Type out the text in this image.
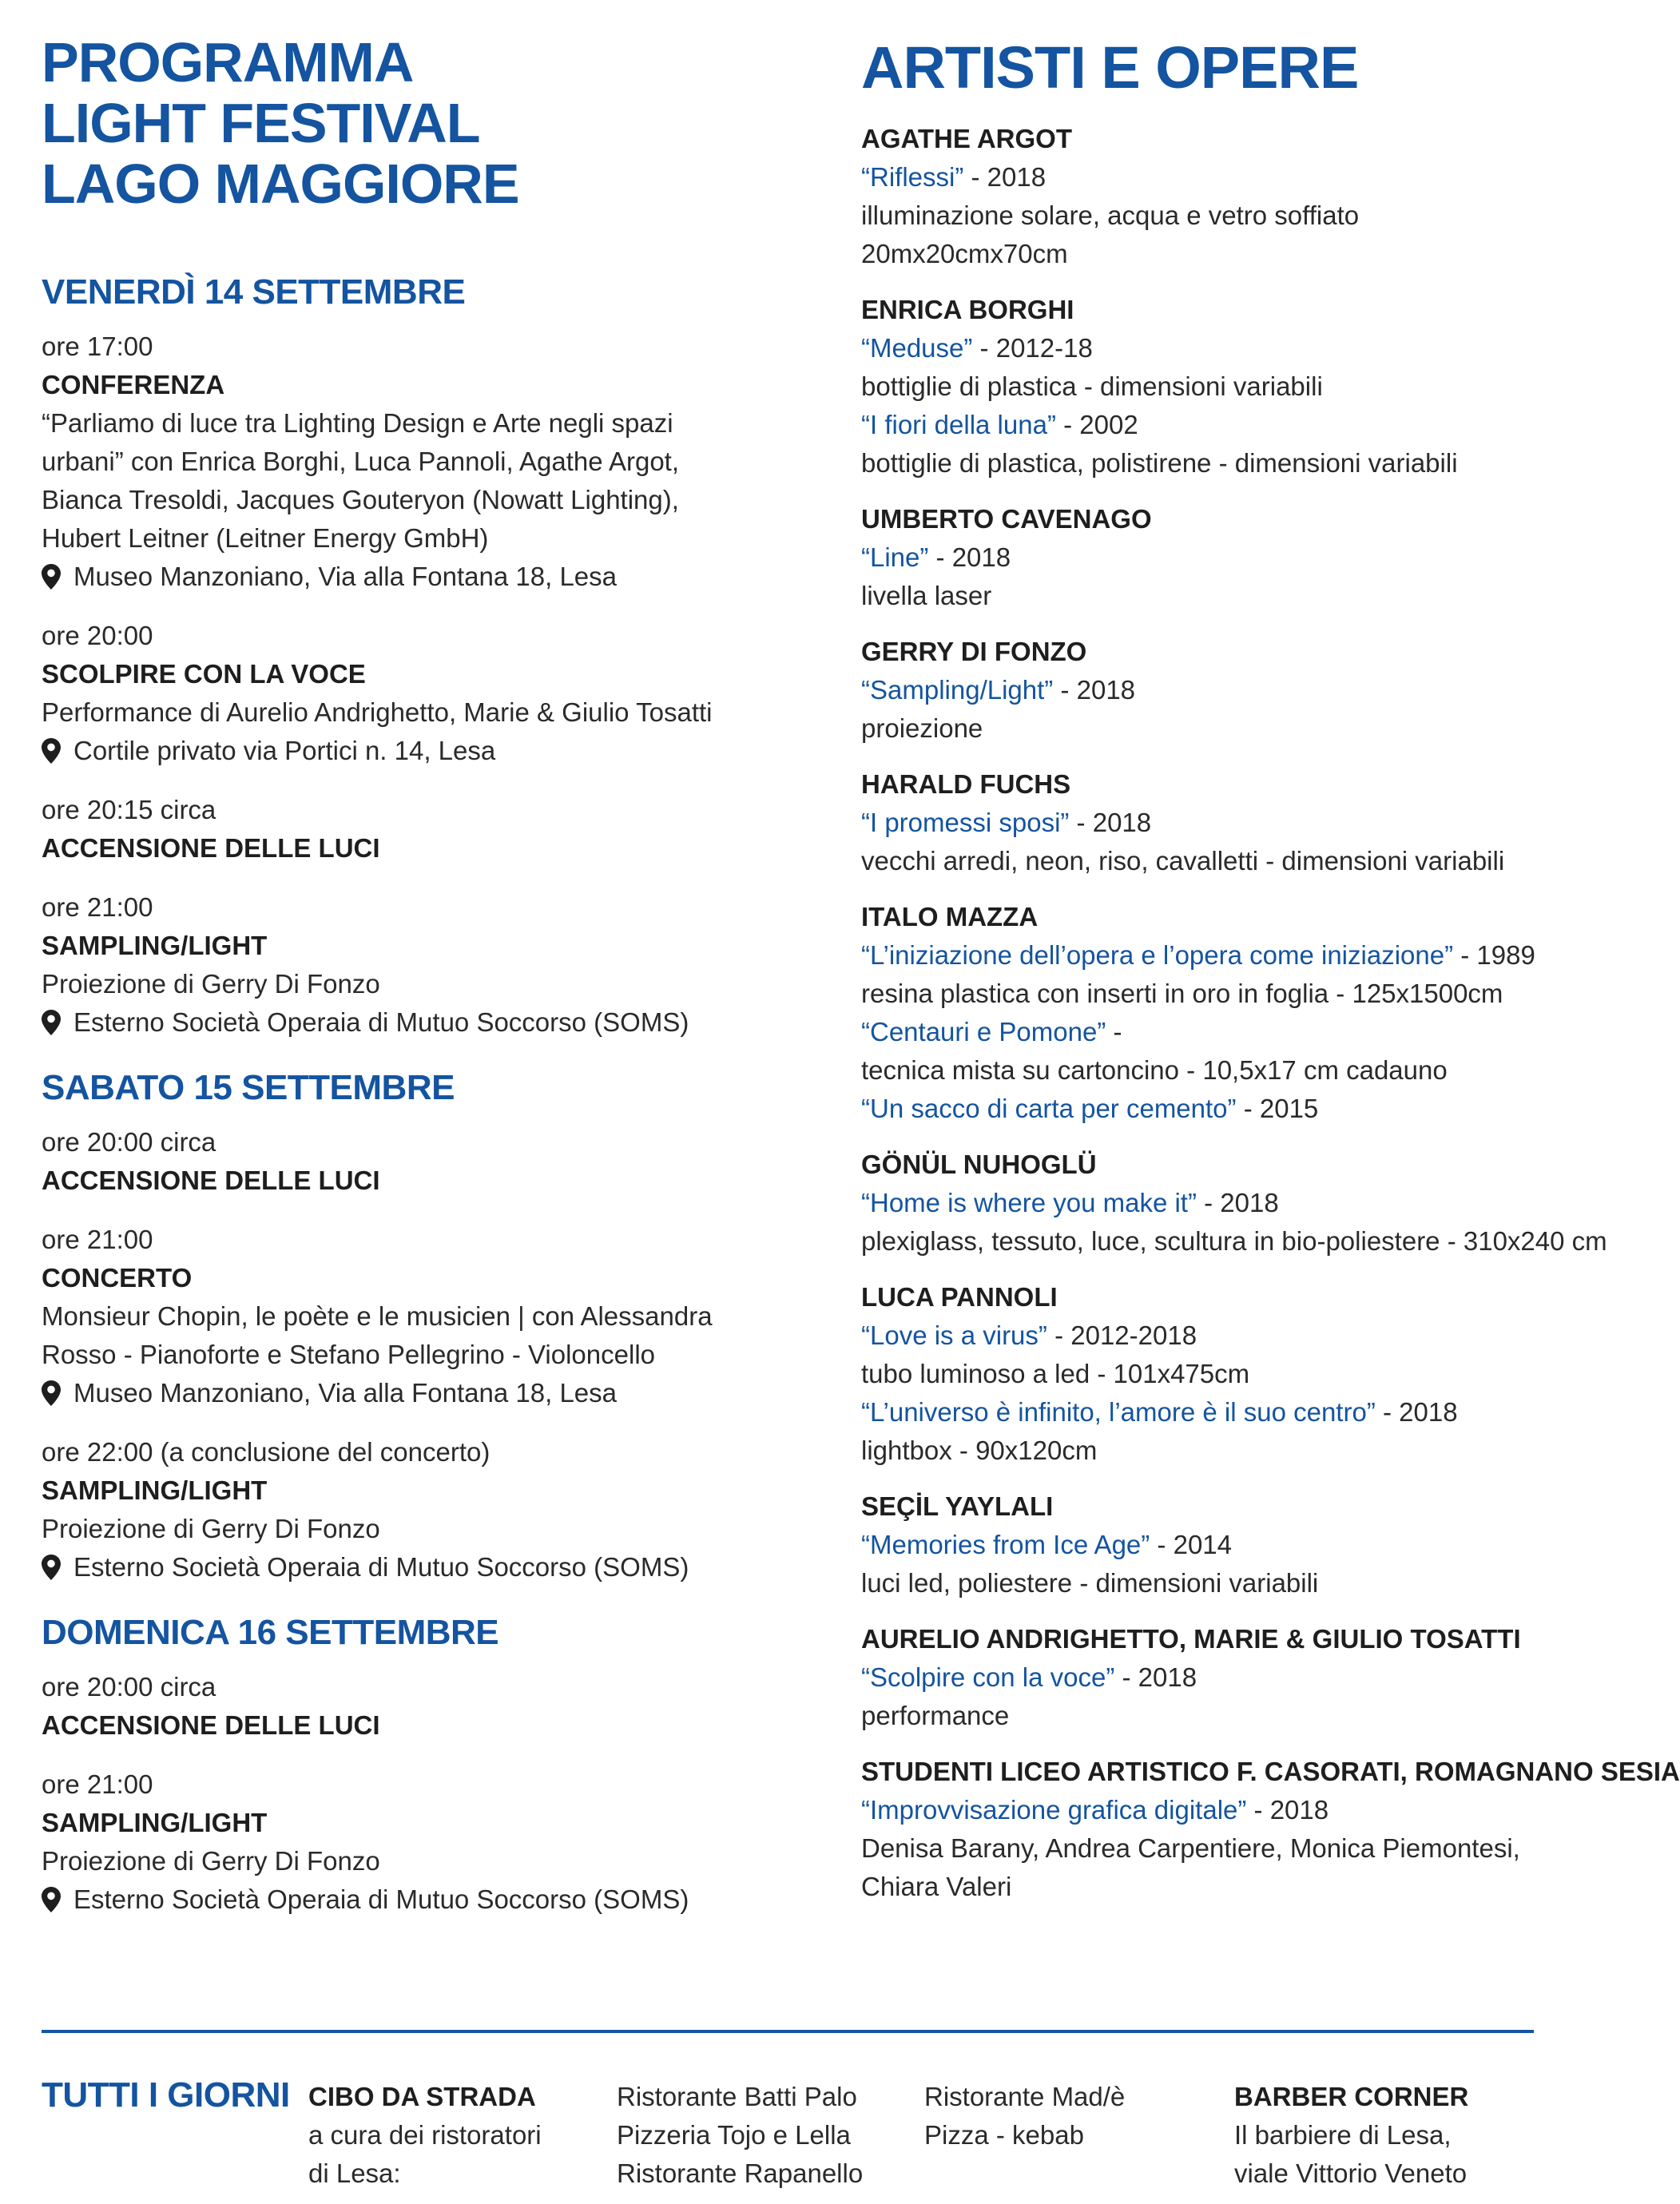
PROGRAMMA
LIGHT FESTIVAL
LAGO MAGGIORE
VENERDÌ 14 SETTEMBRE
ore 17:00
CONFERENZA
“Parliamo di luce tra Lighting Design e Arte negli spazi urbani” con Enrica Borghi, Luca Pannoli, Agathe Argot, Bianca Tresoldi, Jacques Gouteryon (Nowatt Lighting), Hubert Leitner (Leitner Energy GmbH)
Museo Manzoniano, Via alla Fontana 18, Lesa
ore 20:00
SCOLPIRE CON LA VOCE
Performance di Aurelio Andrighetto, Marie & Giulio Tosatti
Cortile privato via Portici n. 14, Lesa
ore 20:15 circa
ACCENSIONE DELLE LUCI
ore 21:00
SAMPLING/LIGHT
Proiezione di Gerry Di Fonzo
Esterno Società Operaia di Mutuo Soccorso (SOMS)
SABATO 15 SETTEMBRE
ore 20:00 circa
ACCENSIONE DELLE LUCI
ore 21:00
CONCERTO
Monsieur Chopin, le poète e le musicien | con Alessandra Rosso - Pianoforte e Stefano Pellegrino - Violoncello
Museo Manzoniano, Via alla Fontana 18, Lesa
ore 22:00 (a conclusione del concerto)
SAMPLING/LIGHT
Proiezione di Gerry Di Fonzo
Esterno Società Operaia di Mutuo Soccorso (SOMS)
DOMENICA 16 SETTEMBRE
ore 20:00 circa
ACCENSIONE DELLE LUCI
ore 21:00
SAMPLING/LIGHT
Proiezione di Gerry Di Fonzo
Esterno Società Operaia di Mutuo Soccorso (SOMS)
ARTISTI E OPERE
AGATHE ARGOT
“Riflessi” - 2018
illuminazione solare, acqua e vetro soffiato
20mx20cmx70cm
ENRICA BORGHI
“Meduse” - 2012-18
bottiglie di plastica - dimensioni variabili
“I fiori della luna” - 2002
bottiglie di plastica, polistirene - dimensioni variabili
UMBERTO CAVENAGO
“Line” - 2018
livella laser
GERRY DI FONZO
“Sampling/Light” - 2018
proiezione
HARALD FUCHS
“I promessi sposi” - 2018
vecchi arredi, neon, riso, cavalletti - dimensioni variabili
ITALO MAZZA
“L’iniziazione dell’opera e l’opera come iniziazione” - 1989
resina plastica con inserti in oro in foglia - 125x1500cm
“Centauri e Pomone” -
tecnica mista su cartoncino - 10,5x17 cm cadauno
“Un sacco di carta per cemento” - 2015
GÖNÜL NUHOGLÜ
“Home is where you make it” - 2018
plexiglass, tessuto, luce, scultura in bio-poliestere - 310x240 cm
LUCA PANNOLI
“Love is a virus” - 2012-2018
tubo luminoso a led - 101x475cm
“L’universo è infinito, l’amore è il suo centro” - 2018
lightbox - 90x120cm
SEÇİL YAYLALI
“Memories from Ice Age” - 2014
luci led, poliestere - dimensioni variabili
AURELIO ANDRIGHETTO, MARIE & GIULIO TOSATTI
“Scolpire con la voce” - 2018
performance
STUDENTI LICEO ARTISTICO F. CASORATI, ROMAGNANO SESIA
“Improvvisazione grafica digitale” - 2018
Denisa Barany, Andrea Carpentiere, Monica Piemontesi,
Chiara Valeri
TUTTI I GIORNI CIBO DA STRADA
a cura dei ristoratori
di Lesa:
Ristorante Batti Palo
Pizzeria Tojo e Lella
Ristorante Rapanello
Ristorante Mad/è
Pizza - kebab
BARBER CORNER
Il barbiere di Lesa,
viale Vittorio Veneto
